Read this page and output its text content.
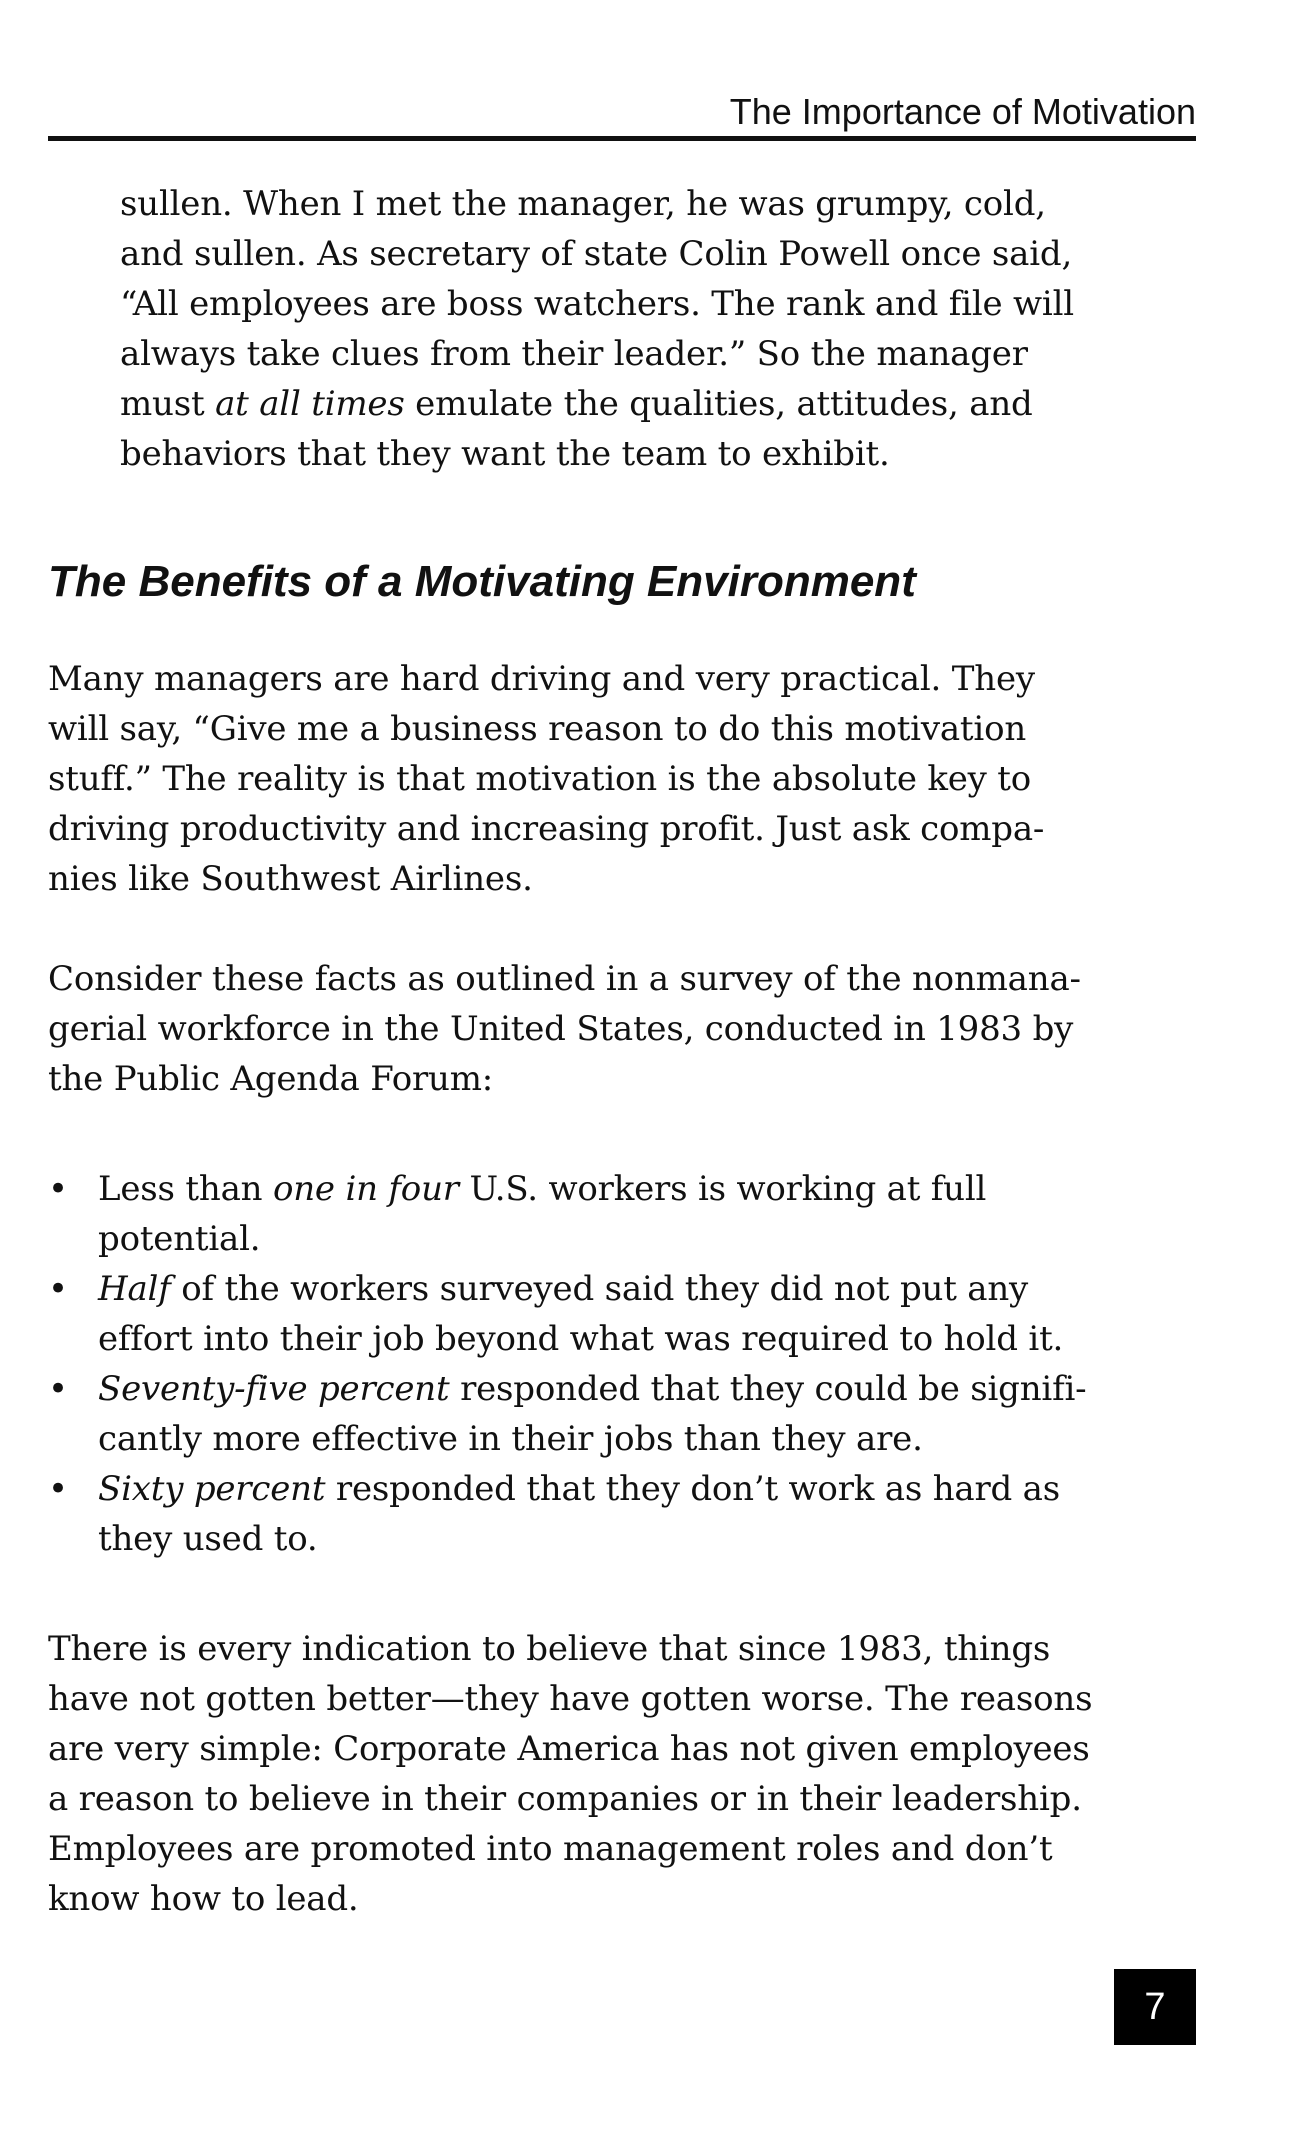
The Importance of Motivation

sullen. When I met the manager, he was grumpy, cold,
and sullen. As secretary of state Colin Powell once said,
“All employees are boss watchers. The rank and file will
always take clues from their leader.” So the manager
must at all times emulate the qualities, attitudes, and
behaviors that they want the team to exhibit.

The Benefits of a Motivating Environment

Many managers are hard driving and very practical. They
will say, “Give me a business reason to do this motivation
stuff.” The reality is that motivation is the absolute key to
driving productivity and increasing profit. Just ask compa-
nies like Southwest Airlines.

Consider these facts as outlined in a survey of the nonmana-
gerial workforce in the United States, conducted in 1983 by
the Public Agenda Forum:

• Less than one in four U.S. workers is working at full
potential.
• Half of the workers surveyed said they did not put any
effort into their job beyond what was required to hold it.
• Seventy-five percent responded that they could be signifi-
cantly more effective in their jobs than they are.
• Sixty percent responded that they don’t work as hard as
they used to.

There is every indication to believe that since 1983, things
have not gotten better—they have gotten worse. The reasons
are very simple: Corporate America has not given employees
a reason to believe in their companies or in their leadership.
Employees are promoted into management roles and don’t
know how to lead.

7
